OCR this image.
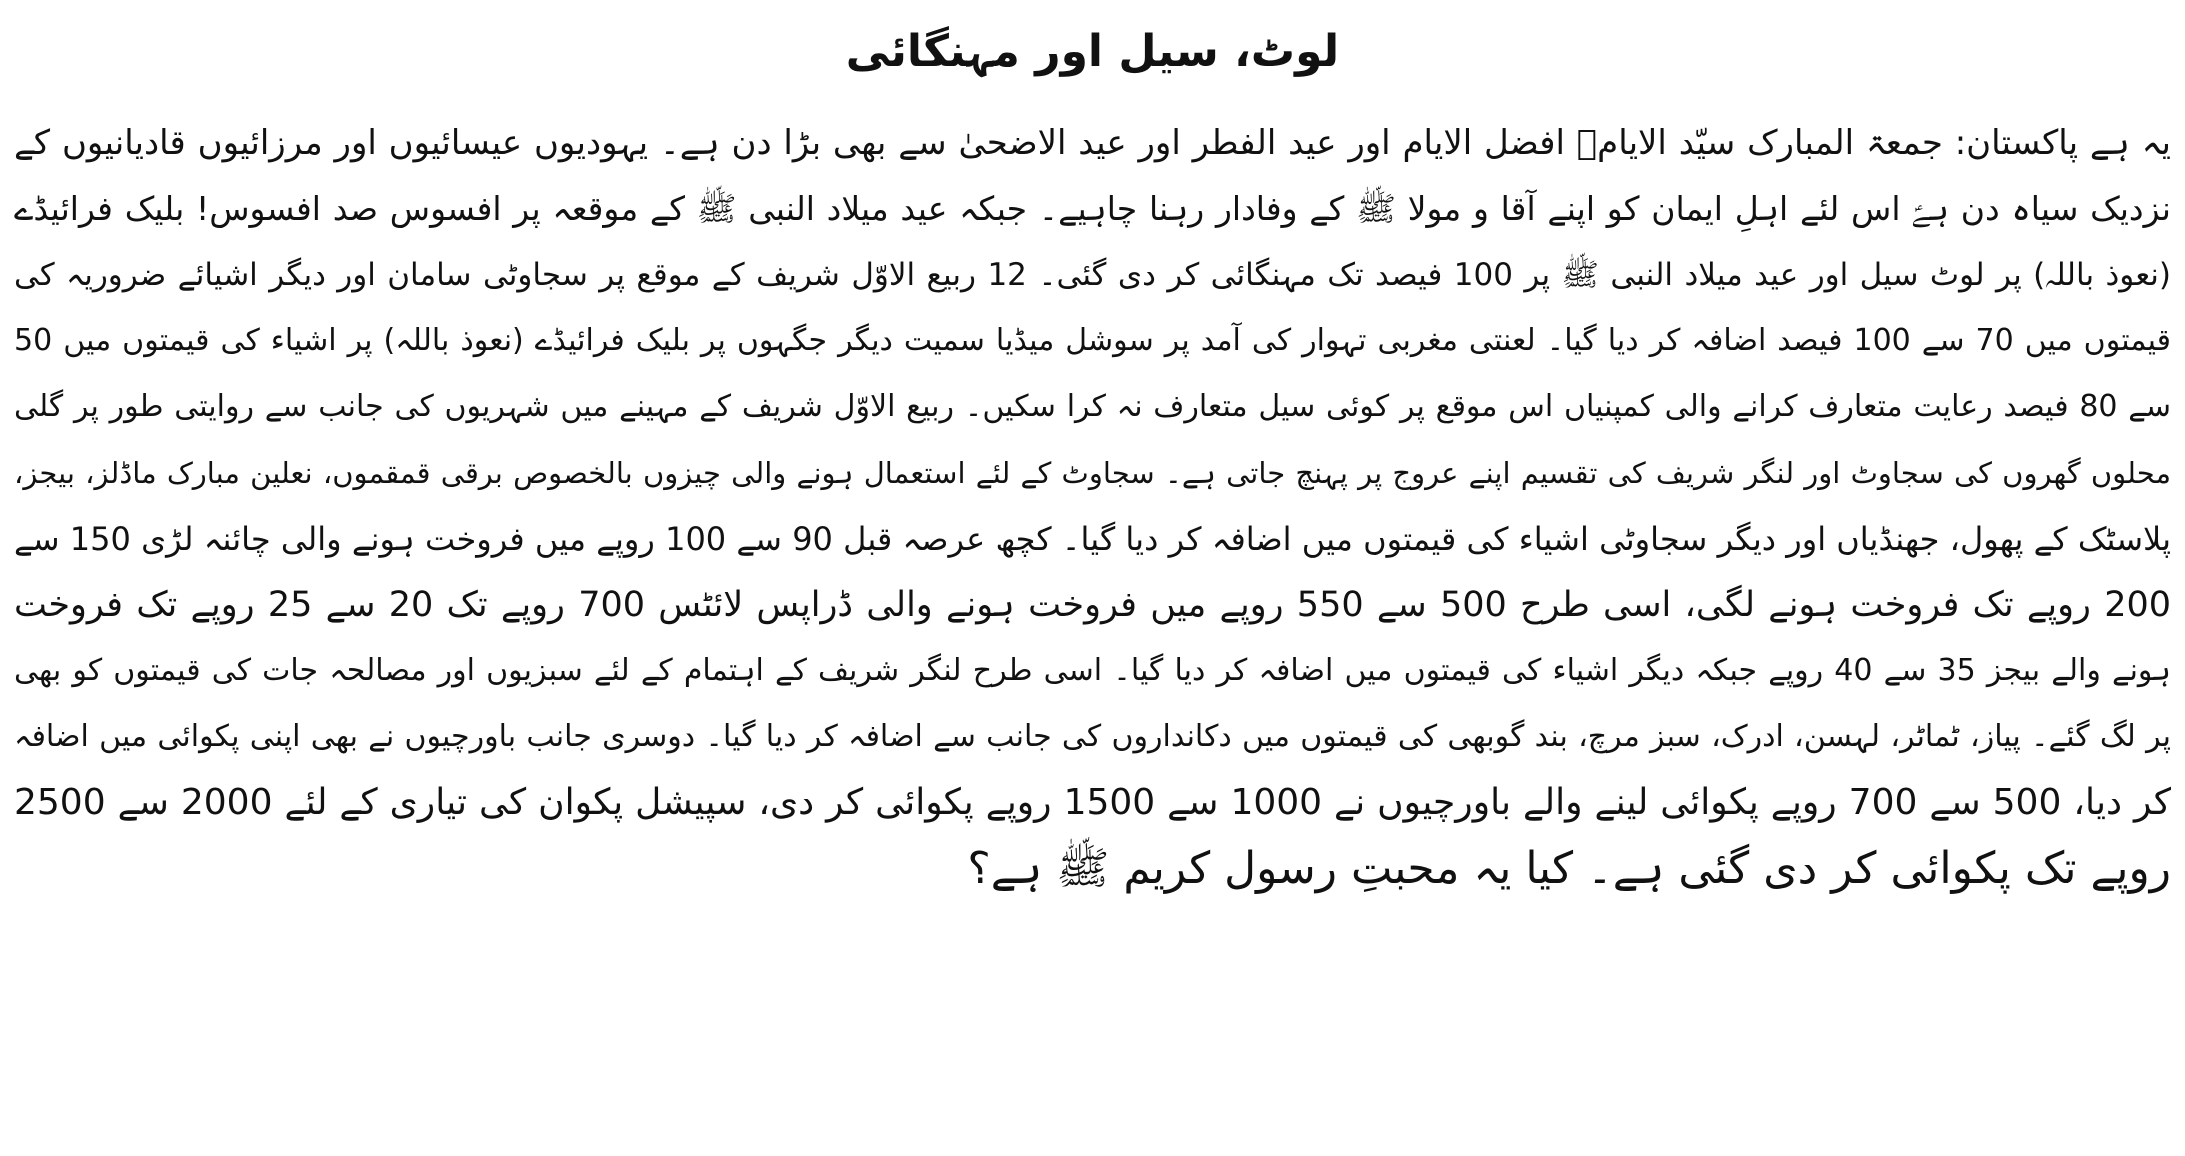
لوٹ، سیل اور مہنگائی
یہ ہے پاکستان: جمعۃ المبارک سیّد الایامؑ افضل الایام اور عید الفطر اور عید الاضحیٰ سے بھی بڑا دن ہے۔ یہودیوں عیسائیوں اور مرزائیوں قادیانیوں کے
نزدیک سیاہ دن ہےؑ اس لئے اہلِ ایمان کو اپنے آقا و مولا ﷺ کے وفادار رہنا چاہیے۔ جبکہ عید میلاد النبی ﷺ کے موقعہ پر افسوس صد افسوس! بلیک فرائیڈے
(نعوذ باللہ) پر لوٹ سیل اور عید میلاد النبی ﷺ پر 100 فیصد تک مہنگائی کر دی گئی۔ 12 ربیع الاوّل شریف کے موقع پر سجاوٹی سامان اور دیگر اشیائے ضروریہ کی
قیمتوں میں 70 سے 100 فیصد اضافہ کر دیا گیا۔ لعنتی مغربی تہوار کی آمد پر سوشل میڈیا سمیت دیگر جگہوں پر بلیک فرائیڈے (نعوذ باللہ) پر اشیاء کی قیمتوں میں 50
سے 80 فیصد رعایت متعارف کرانے والی کمپنیاں اس موقع پر کوئی سیل متعارف نہ کرا سکیں۔ ربیع الاوّل شریف کے مہینے میں شہریوں کی جانب سے روایتی طور پر گلی
محلوں گھروں کی سجاوٹ اور لنگر شریف کی تقسیم اپنے عروج پر پہنچ جاتی ہے۔ سجاوٹ کے لئے استعمال ہونے والی چیزوں بالخصوص برقی قمقموں، نعلین مبارک ماڈلز، بیجز،
پلاسٹک کے پھول، جھنڈیاں اور دیگر سجاوٹی اشیاء کی قیمتوں میں اضافہ کر دیا گیا۔ کچھ عرصہ قبل 90 سے 100 روپے میں فروخت ہونے والی چائنہ لڑی 150 سے
200 روپے تک فروخت ہونے لگی، اسی طرح 500 سے 550 روپے میں فروخت ہونے والی ڈراپس لائٹس 700 روپے تک 20 سے 25 روپے تک فروخت
ہونے والے بیجز 35 سے 40 روپے جبکہ دیگر اشیاء کی قیمتوں میں اضافہ کر دیا گیا۔ اسی طرح لنگر شریف کے اہتمام کے لئے سبزیوں اور مصالحہ جات کی قیمتوں کو بھی
پر لگ گئے۔ پیاز، ٹماٹر، لہسن، ادرک، سبز مرچ، بند گوبھی کی قیمتوں میں دکانداروں کی جانب سے اضافہ کر دیا گیا۔ دوسری جانب باورچیوں نے بھی اپنی پکوائی میں اضافہ
کر دیا، 500 سے 700 روپے پکوائی لینے والے باورچیوں نے 1000 سے 1500 روپے پکوائی کر دی، سپیشل پکوان کی تیاری کے لئے 2000 سے 2500
روپے تک پکوائی کر دی گئی ہے۔ کیا یہ محبتِ رسول کریم ﷺ ہے؟
